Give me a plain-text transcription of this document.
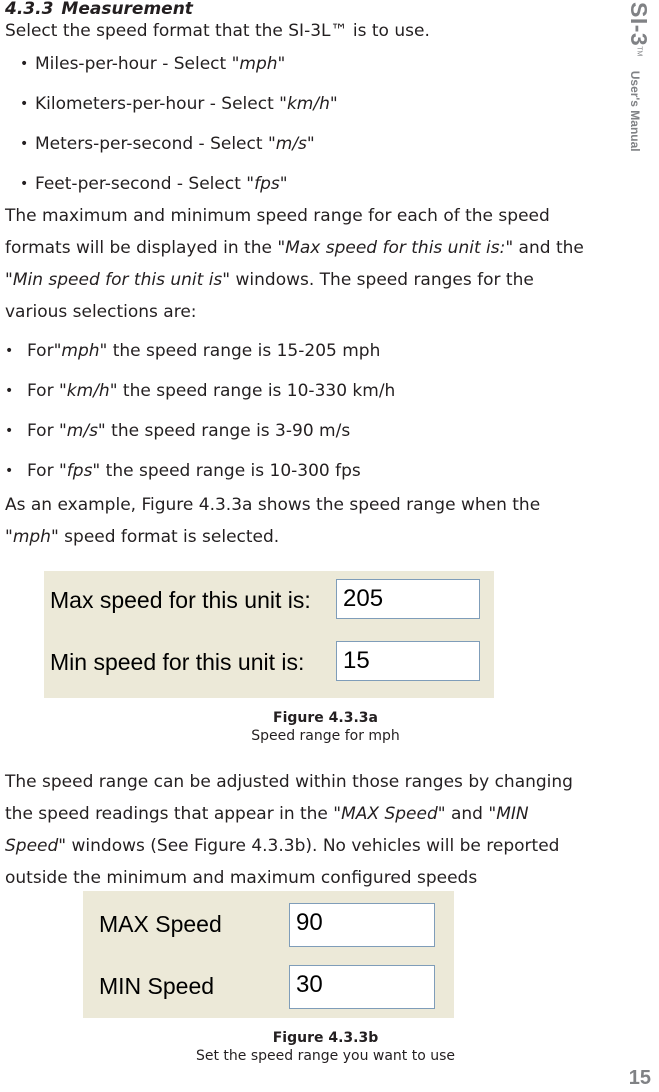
SI-3™ User's Manual
15
4.3.3 Measurement

Select the speed format that the SI-3L™ is to use.

• Miles-per-hour - Select "mph"
• Kilometers-per-hour - Select "km/h"
• Meters-per-second - Select "m/s"
• Feet-per-second - Select "fps"

The maximum and minimum speed range for each of the speed formats will be displayed in the "Max speed for this unit is:" and the "Min speed for this unit is" windows. The speed ranges for the various selections are:

• For"mph" the speed range is 15-205 mph
• For "km/h" the speed range is 10-330 km/h
• For "m/s" the speed range is 3-90 m/s
• For "fps" the speed range is 10-300 fps

As an example, Figure 4.3.3a shows the speed range when the "mph" speed format is selected.

Max speed for this unit is: 205
Min speed for this unit is: 15
Figure 4.3.3a
Speed range for mph

The speed range can be adjusted within those ranges by changing the speed readings that appear in the "MAX Speed" and "MIN Speed" windows (See Figure 4.3.3b). No vehicles will be reported outside the minimum and maximum conﬁgured speeds

MAX Speed	90
MIN Speed	30
Figure 4.3.3b
Set the speed range you want to use
